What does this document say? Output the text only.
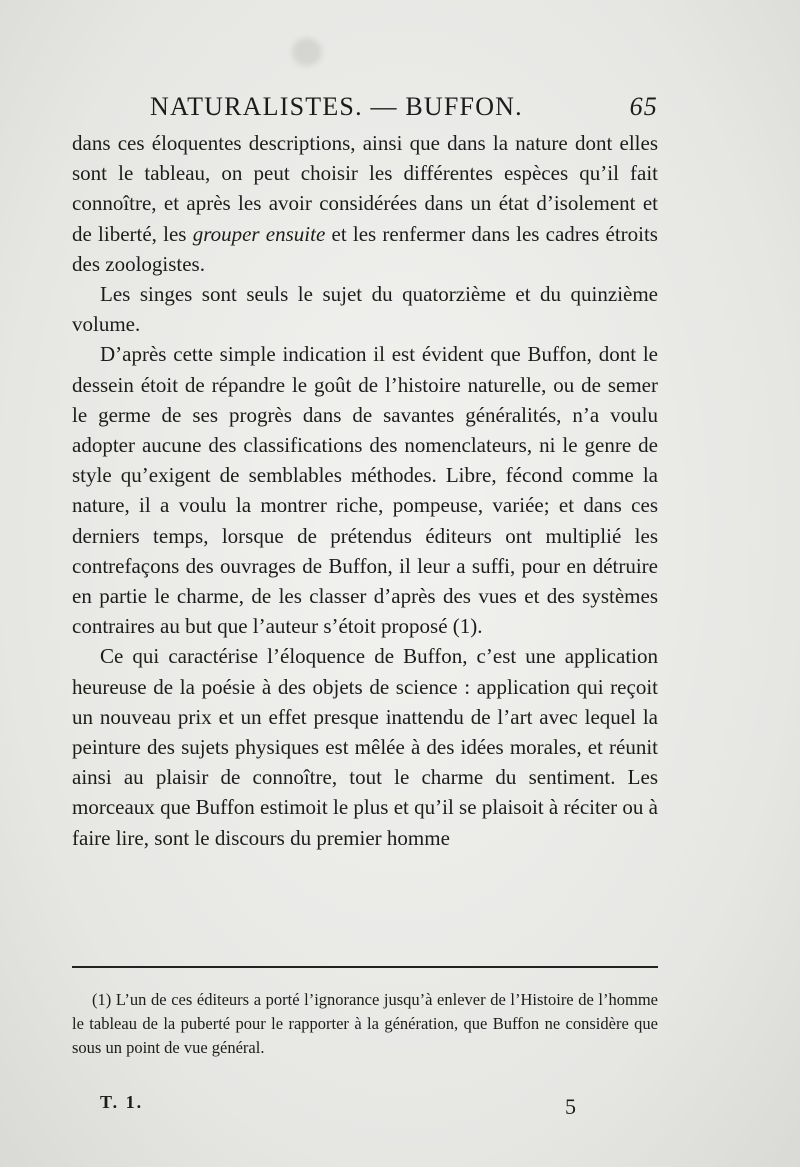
NATURALISTES. — BUFFON.	65

dans ces éloquentes descriptions, ainsi que dans la nature dont elles sont le tableau, on peut choisir les différentes espèces qu’il fait connoître, et après les avoir considérées dans un état d’isolement et de liberté, les grouper ensuite et les renfermer dans les cadres étroits des zoologistes.

Les singes sont seuls le sujet du quatorzième et du quinzième volume.

D’après cette simple indication il est évident que Buffon, dont le dessein étoit de répandre le goût de l’histoire naturelle, ou de semer le germe de ses progrès dans de savantes généralités, n’a voulu adopter aucune des classifications des nomenclateurs, ni le genre de style qu’exigent de semblables méthodes. Libre, fécond comme la nature, il a voulu la montrer riche, pompeuse, variée; et dans ces derniers temps, lorsque de prétendus éditeurs ont multiplié les contrefaçons des ouvrages de Buffon, il leur a suffi, pour en détruire en partie le charme, de les classer d’après des vues et des systèmes contraires au but que l’auteur s’étoit proposé (1).

Ce qui caractérise l’éloquence de Buffon, c’est une application heureuse de la poésie à des objets de science : application qui reçoit un nouveau prix et un effet presque inattendu de l’art avec lequel la peinture des sujets physiques est mêlée à des idées morales, et réunit ainsi au plaisir de connoître, tout le charme du sentiment. Les morceaux que Buffon estimoit le plus et qu’il se plaisoit à réciter ou à faire lire, sont le discours du premier homme

(1) L’un de ces éditeurs a porté l’ignorance jusqu’à enlever de l’Histoire de l’homme le tableau de la puberté pour le rapporter à la génération, que Buffon ne considère que sous un point de vue général.

T. 1.	5
